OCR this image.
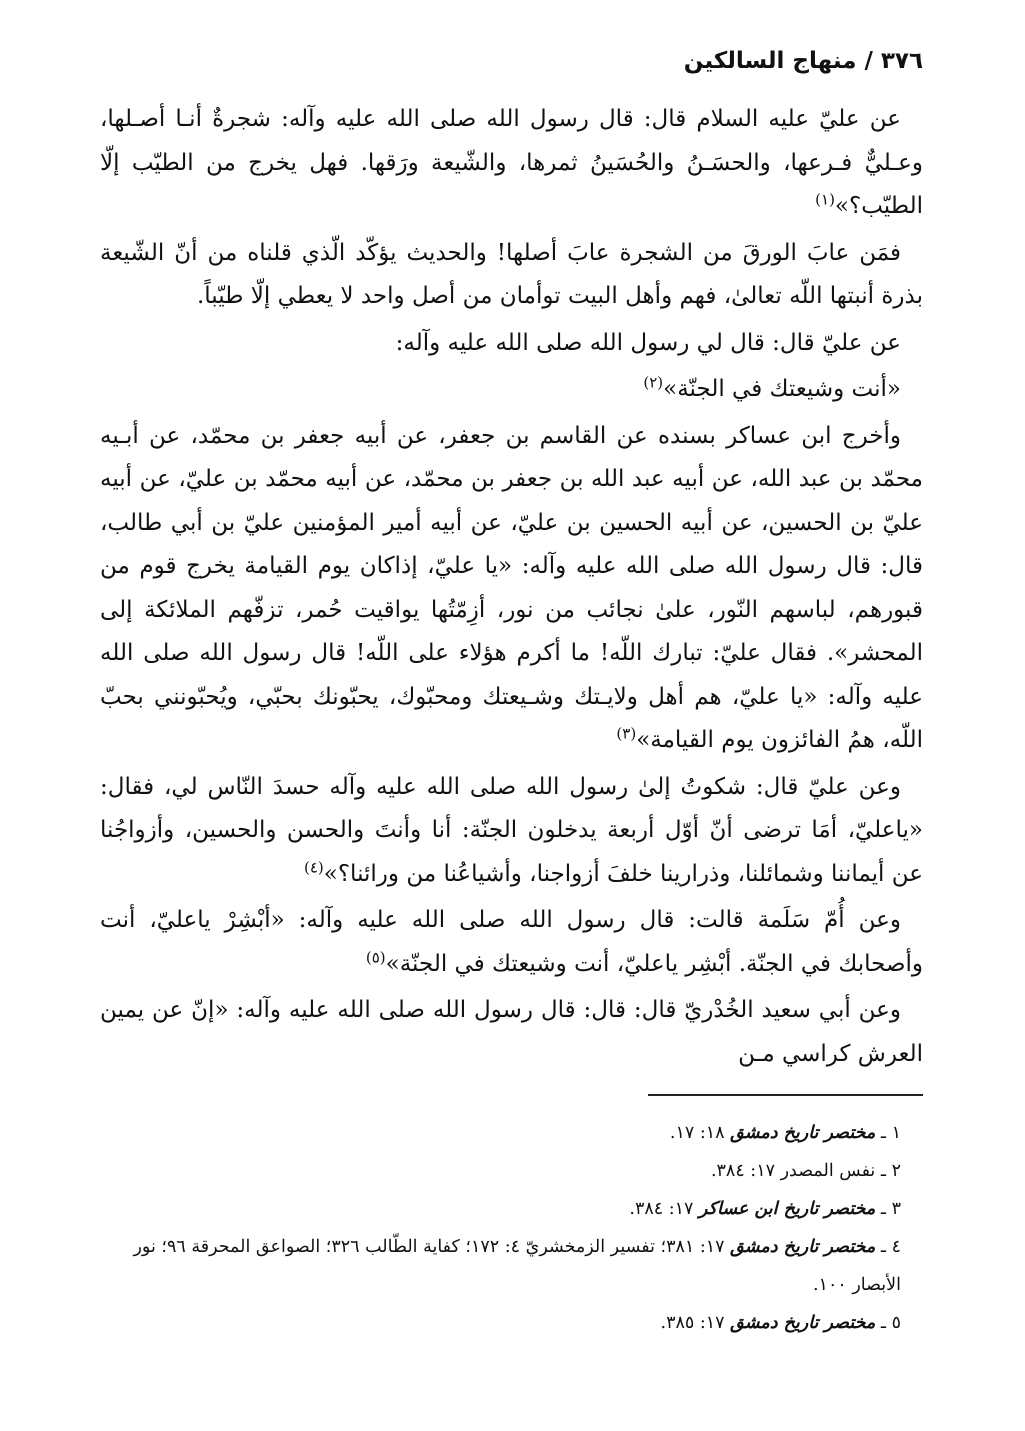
٣٧٦ / منهاج السالكين

عن عليّ عليه السلام قال: قال رسول الله صلى الله عليه وآله: شجرةٌ أنـا أصـلها، وعـليٌّ فـرعها، والحسَـنُ والحُسَينُ ثمرها، والشّيعة ورَقها. فهل يخرج من الطيّب إلّا الطيّب؟»$^{(١)}$

فمَن عابَ الورقَ من الشجرة عابَ أصلها! والحديث يؤكّد الّذي قلناه من أنّ الشّيعة بذرة أنبتها اللّه تعالىٰ، فهم وأهل البيت توأمان من أصل واحد لا يعطي إلّا طيّباً.

عن عليّ قال: قال لي رسول الله صلى الله عليه وآله:

«أنت وشيعتك في الجنّة»$^{(٢)}$

وأخرج ابن عساكر بسنده عن القاسم بن جعفر، عن أبيه جعفر بن محمّد، عن أبـيه محمّد بن عبد الله، عن أبيه عبد الله بن جعفر بن محمّد، عن أبيه محمّد بن عليّ، عن أبيه عليّ بن الحسين، عن أبيه الحسين بن عليّ، عن أبيه أمير المؤمنين عليّ بن أبي طالب، قال: قال رسول الله صلى الله عليه وآله: «يا عليّ، إذاكان يوم القيامة يخرج قوم من قبورهم، لباسهم النّور، علىٰ نجائب من نور، أزِمّتُها يواقيت حُمر، تزفّهم الملائكة إلى المحشر». فقال عليّ: تبارك اللّه! ما أكرم هؤلاء على اللّه! قال رسول الله صلى الله عليه وآله: «يا عليّ، هم أهل ولايـتك وشـيعتك ومحبّوك، يحبّونك بحبّي، ويُحبّونني بحبّ اللّه، همُ الفائزون يوم القيامة»$^{(٣)}$

وعن عليّ قال: شكوتُ إلىٰ رسول الله صلى الله عليه وآله حسدَ النّاس لي، فقال: «ياعليّ، أمَا ترضى أنّ أوّل أربعة يدخلون الجنّة: أنا وأنتَ والحسن والحسين، وأزواجُنا عن أيماننا وشمائلنا، وذرارينا خلفَ أزواجنا، وأشياعُنا من ورائنا؟»$^{(٤)}$

وعن أُمّ سَلَمة قالت: قال رسول الله صلى الله عليه وآله: «أبْشِرْ ياعليّ، أنت وأصحابك في الجنّة. أبْشِر ياعليّ، أنت وشيعتك في الجنّة»$^{(٥)}$

وعن أبي سعيد الخُدْريّ قال: قال: قال رسول الله صلى الله عليه وآله: «إنّ عن يمين العرش كراسي مـن

١ ـ مختصر تاريخ دمشق ١٨: ١٧.
٢ ـ نفس المصدر ١٧: ٣٨٤.
٣ ـ مختصر تاريخ ابن عساكر ١٧: ٣٨٤.
٤ ـ مختصر تاريخ دمشق ١٧: ٣٨١؛ تفسير الزمخشريّ ٤: ١٧٢؛ كفاية الطّالب ٣٢٦؛ الصواعق المحرقة ٩٦؛ نور الأبصار ١٠٠.
٥ ـ مختصر تاريخ دمشق ١٧: ٣٨٥.
